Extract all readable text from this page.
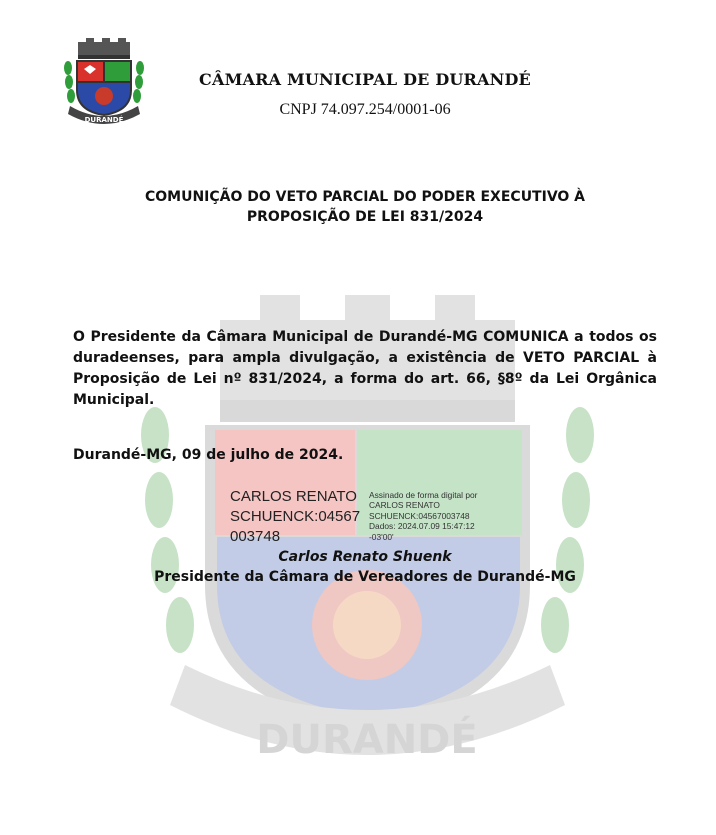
DURANDÉ
DURANDÉ
CÂMARA MUNICIPAL DE DURANDÉ
CNPJ 74.097.254/0001-06
COMUNIÇÃO DO VETO PARCIAL DO PODER EXECUTIVO À
PROPOSIÇÃO DE LEI 831/2024
O Presidente da Câmara Municipal de Durandé-MG COMUNICA a todos os duradeenses, para ampla divulgação, a existência de VETO PARCIAL à Proposição de Lei nº 831/2024, a forma do art. 66, §8º da Lei Orgânica Municipal.
Durandé-MG, 09 de julho de 2024.
CARLOS RENATO SCHUENCK:04567003748
Assinado de forma digital por
CARLOS RENATO
SCHUENCK:04567003748
Dados: 2024.07.09 15:47:12
-03'00'
Carlos Renato Shuenk
Presidente da Câmara de Vereadores de Durandé-MG
